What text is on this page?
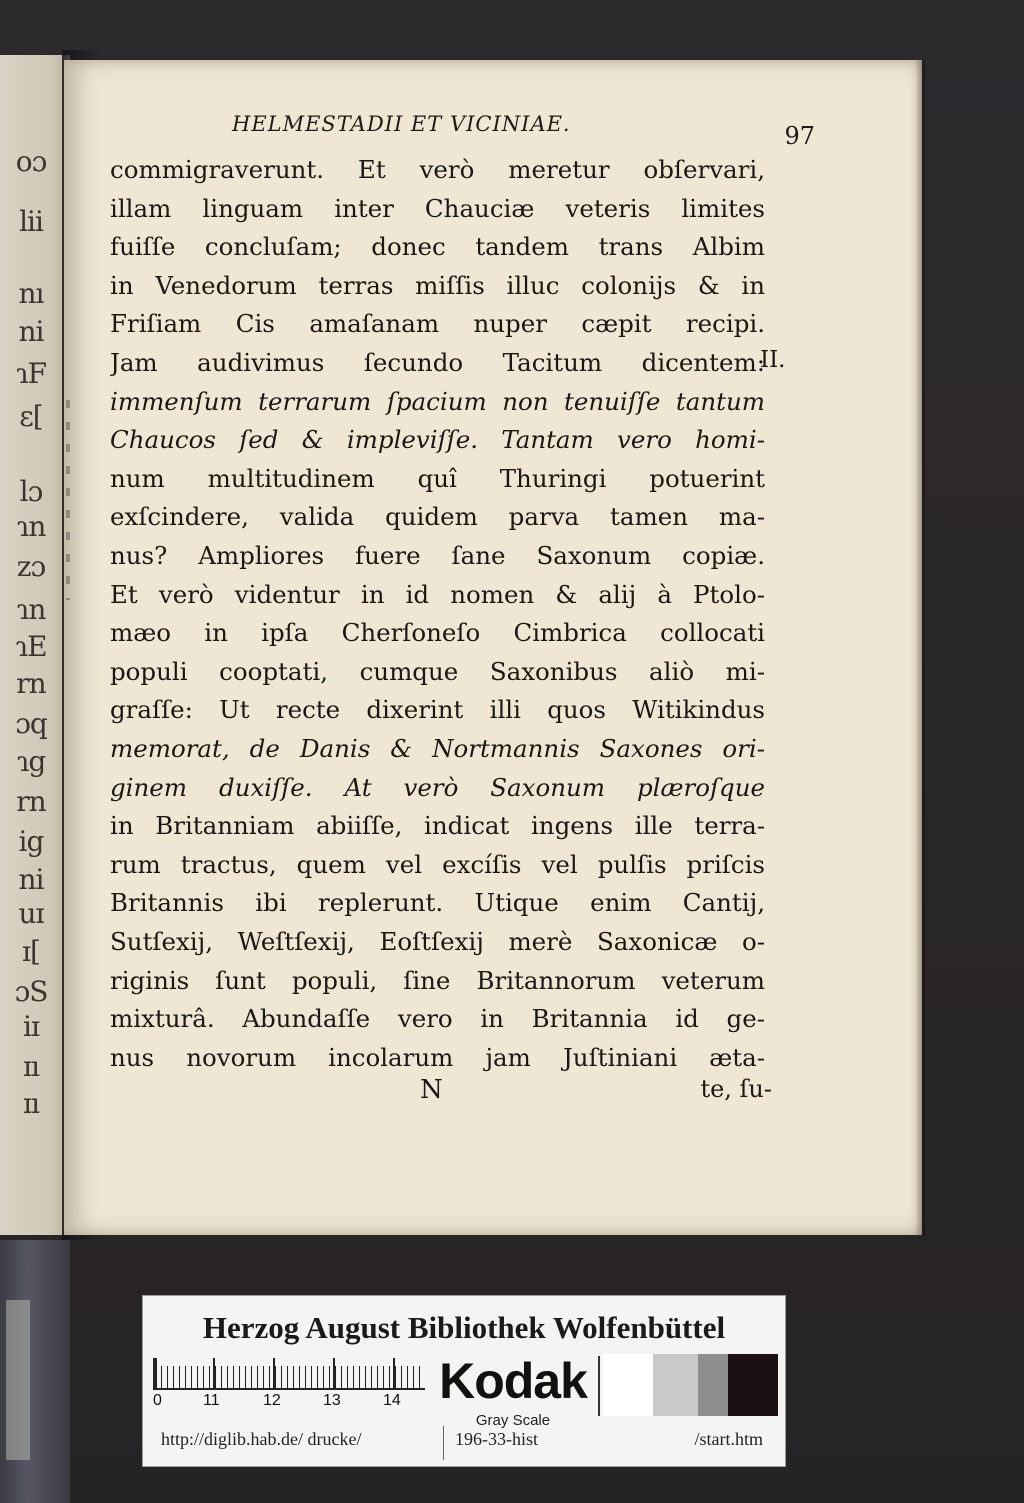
o͏ɔ
lii
nı
ni
ɿF
ɛ[
lɔ
ɿn
zɔ
ɿn
ɿE
rn
ɔq
ɿg
rn
ig
ni
uɪ
ɪ[
ɔS
iɪ
ɪı
ɪı
HELMESTADII ET VICINIAE.	97
commigraverunt. Et verò meretur obſervari,
illam linguam inter Chauciæ veteris limites
fuiſſe concluſam; donec tandem trans Albim
in Venedorum terras miſſis illuc colonijs & in
Friſiam Cis amaſanam nuper cæpit recipi.
Jam audivimus ſecundo Tacitum dicentem:
immenſum terrarum ſpacium non tenuiſſe tantum
Chaucos ſed & impleviſſe. Tantam vero homi-
num multitudinem quî Thuringi potuerint
exſcindere, valida quidem parva tamen ma-
nus? Ampliores fuere ſane Saxonum copiæ.
Et verò videntur in id nomen & alij à Ptolo-
mæo in ipſa Cherſoneſo Cimbrica collocati
populi cooptati, cumque Saxonibus aliò mi-
graſſe: Ut recte dixerint illi quos Witikindus
memorat, de Danis & Nortmannis Saxones ori-
ginem duxiſſe. At verò Saxonum plæroſque
in Britanniam abiiſſe, indicat ingens ille terra-
rum tractus, quem vel excíſis vel pulſis priſcis
Britannis ibi replerunt. Utique enim Cantij,
Sutſexij, Weſtſexij, Eoſtſexij merè Saxonicæ o-
riginis ſunt populi, ſine Britannorum veterum
mixturâ. Abundaſſe vero in Britannia id ge-
nus novorum incolarum jam Juſtiniani æta-
II.
N	te, ſu-
Herzog August Bibliothek Wolfenbüttel
0	11	12	13	14 Kodak
Gray Scale
http://diglib.hab.de/ drucke/	196-33-hist	/start.htm
